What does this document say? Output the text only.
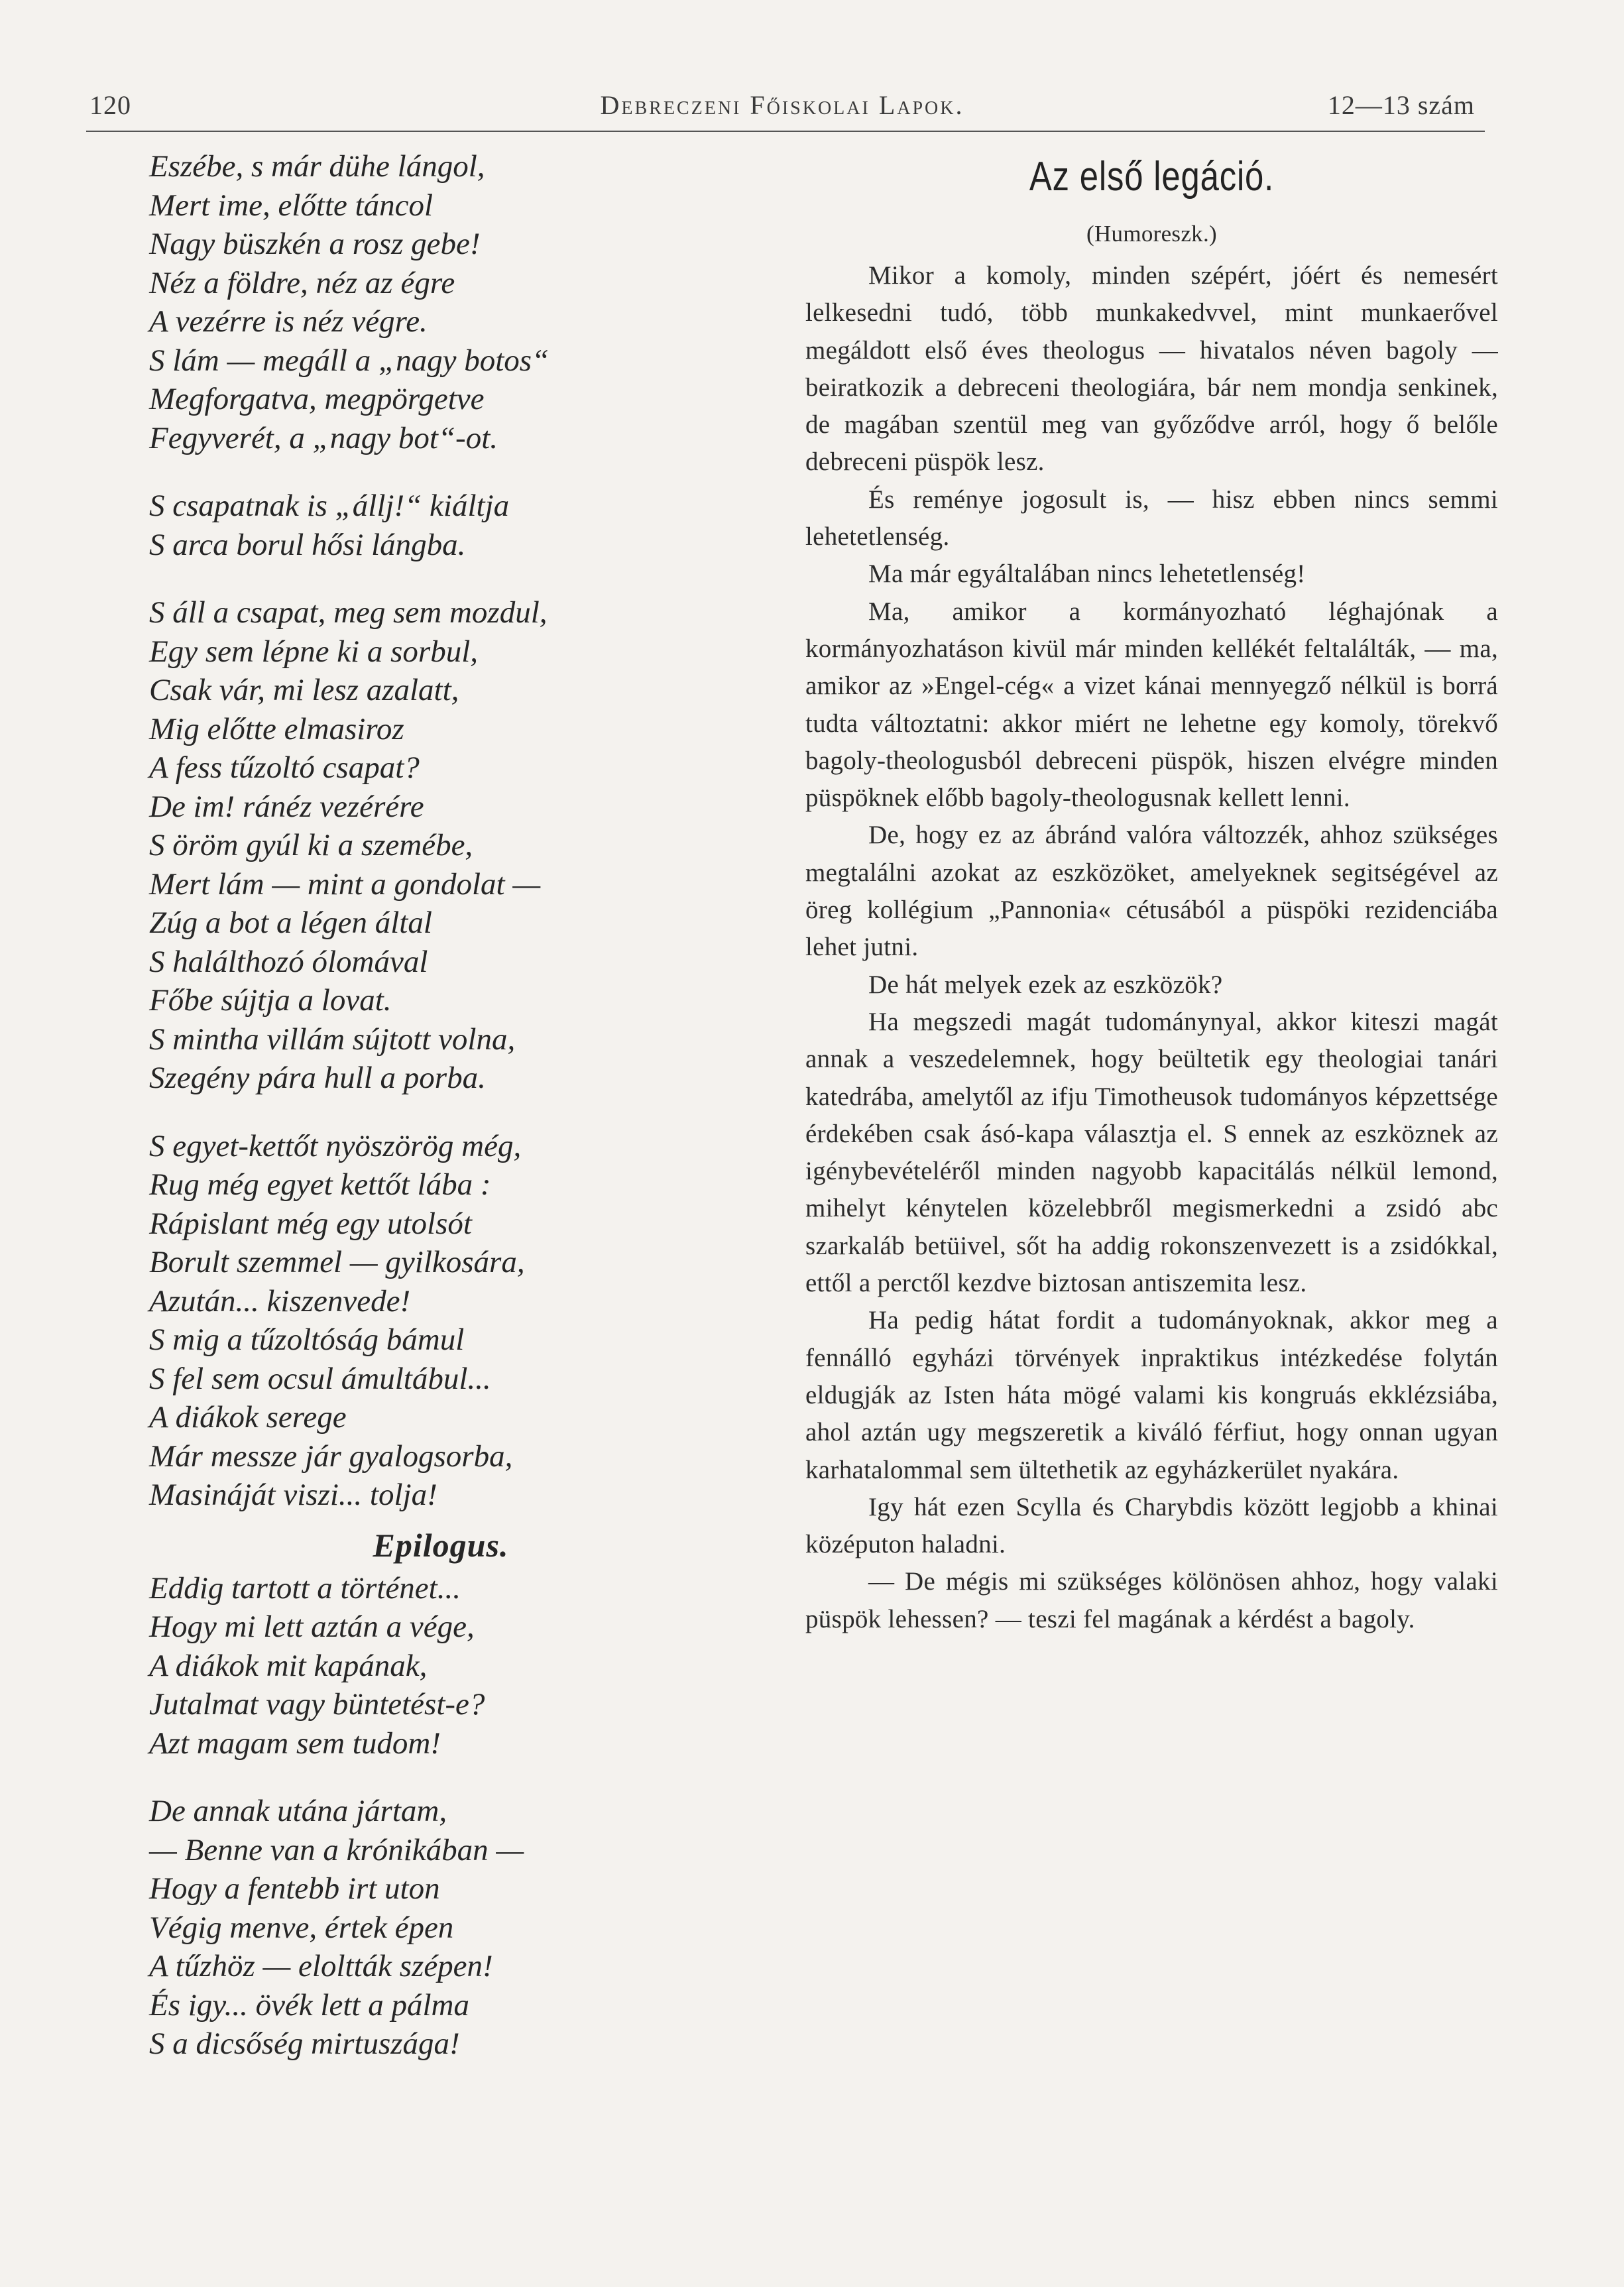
120	Debreczeni Főiskolai Lapok.	12—13 szám
Eszébe, s már dühe lángol,
Mert ime, előtte táncol
Nagy büszkén a rosz gebe!
Néz a földre, néz az égre
A vezérre is néz végre.
S lám — megáll a „nagy botos“
Megforgatva, megpörgetve
Fegyverét, a „nagy bot“-ot.
S csapatnak is „állj!“ kiáltja
S arca borul hősi lángba.
S áll a csapat, meg sem mozdul,
Egy sem lépne ki a sorbul,
Csak vár, mi lesz azalatt,
Mig előtte elmasiroz
A fess tűzoltó csapat?
De im! ránéz vezérére
S öröm gyúl ki a szemébe,
Mert lám — mint a gondolat —
Zúg a bot a légen által
S halálthozó ólomával
Főbe sújtja a lovat.
S mintha villám sújtott volna,
Szegény pára hull a porba.
S egyet-kettőt nyöszörög még,
Rug még egyet kettőt lába :
Rápislant még egy utolsót
Borult szemmel — gyilkosára,
Azután... kiszenvede!
S mig a tűzoltóság bámul
S fel sem ocsul ámultábul...
A diákok serege
Már messze jár gyalogsorba,
Masináját viszi... tolja!
Epilogus.
Eddig tartott a történet...
Hogy mi lett aztán a vége,
A diákok mit kapának,
Jutalmat vagy büntetést-e?
Azt magam sem tudom!
De annak utána jártam,
— Benne van a krónikában —
Hogy a fentebb irt uton
Végig menve, értek épen
A tűzhöz — eloltták szépen!
És igy... övék lett a pálma
S a dicsőség mirtuszága!
Az első legáció.
(Humoreszk.)

Mikor a komoly, minden szépért, jóért és nemesért lelkesedni tudó, több munkakedvvel, mint munkaerővel megáldott első éves theologus — hivatalos néven bagoly — beiratkozik a debreceni theologiára, bár nem mondja senkinek, de magában szentül meg van győződve arról, hogy ő belőle debreceni püspök lesz.

És reménye jogosult is, — hisz ebben nincs semmi lehetetlenség.

Ma már egyáltalában nincs lehetetlenség!

Ma, amikor a kormányozható léghajónak a kormányozhatáson kivül már minden kellékét feltalálták, — ma, amikor az »Engel-cég« a vizet kánai mennyegző nélkül is borrá tudta változtatni: akkor miért ne lehetne egy komoly, törekvő bagoly-theologusból debreceni püspök, hiszen elvégre minden püspöknek előbb bagoly-theologusnak kellett lenni.

De, hogy ez az ábránd valóra változzék, ahhoz szükséges megtalálni azokat az eszközöket, amelyeknek segitségével az öreg kollégium „Pannonia« cétusából a püspöki rezidenciába lehet jutni.

De hát melyek ezek az eszközök?

Ha megszedi magát tudománynyal, akkor kiteszi magát annak a veszedelemnek, hogy beültetik egy theologiai tanári katedrába, amelytől az ifju Timotheusok tudományos képzettsége érdekében csak ásó-kapa választja el. S ennek az eszköznek az igénybevételéről minden nagyobb kapacitálás nélkül lemond, mihelyt kénytelen közelebbről megismerkedni a zsidó abc szarkaláb betüivel, sőt ha addig rokonszenvezett is a zsidókkal, ettől a perctől kezdve biztosan antiszemita lesz.

Ha pedig hátat fordit a tudományoknak, akkor meg a fennálló egyházi törvények inpraktikus intézkedése folytán eldugják az Isten háta mögé valami kis kongruás ekklézsiába, ahol aztán ugy megszeretik a kiváló férfiut, hogy onnan ugyan karhatalommal sem ültethetik az egyházkerület nyakára.

Igy hát ezen Scylla és Charybdis között legjobb a khinai középuton haladni.

— De mégis mi szükséges kölönösen ahhoz, hogy valaki püspök lehessen? — teszi fel magának a kérdést a bagoly.
